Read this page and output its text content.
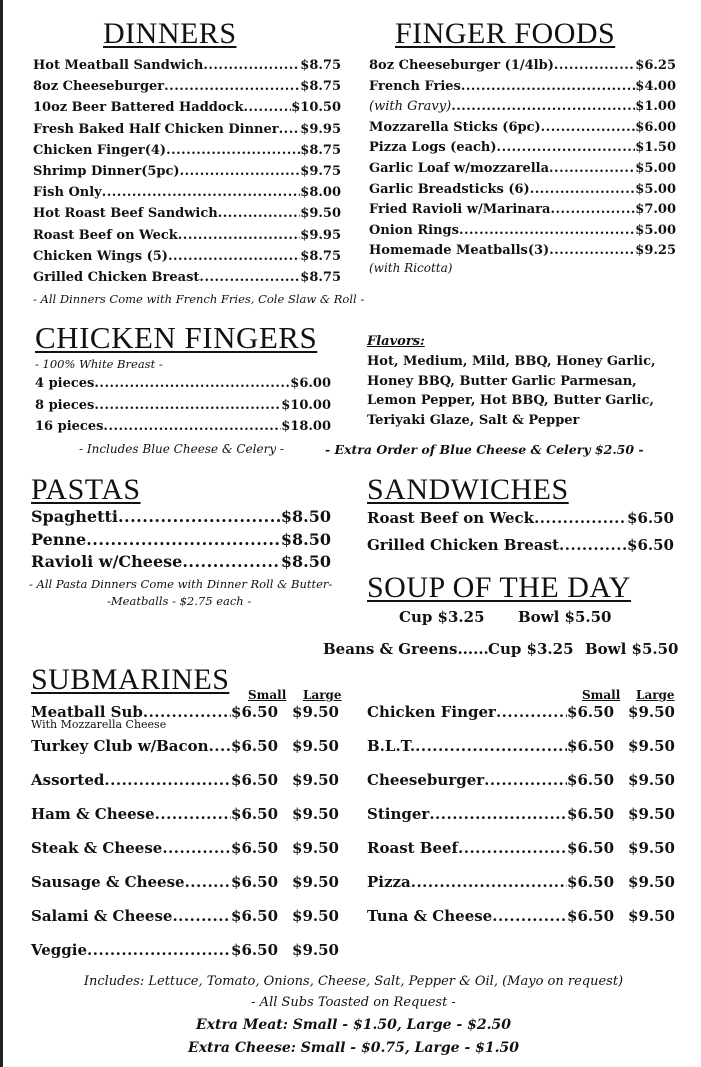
DINNERS
Hot Meatball Sandwich .....	$8.75
8oz Cheeseburger .....	$8.75
10oz Beer Battered Haddock .....	$10.50
Fresh Baked Half Chicken Dinner ..... $9.95
Chicken Finger(4) .....	$8.75
Shrimp Dinner(5pc) .....	$9.75
Fish Only .....	$8.00
Hot Roast Beef Sandwich .....	$9.50
Roast Beef on Weck .....	$9.95
Chicken Wings (5) .....	$8.75
Grilled Chicken Breast .....	$8.75
- All Dinners Come with French Fries, Cole Slaw & Roll -
FINGER FOODS
8oz Cheeseburger (1/4lb) .....	$6.25
French Fries .....	$4.00
(with Gravy) .....	$1.00
Mozzarella Sticks (6pc) .....	$6.00
Pizza Logs (each) .....	$1.50
Garlic Loaf w/mozzarella .....	$5.00
Garlic Breadsticks (6) .....	$5.00
Fried Ravioli w/Marinara .....	$7.00
Onion Rings .....	$5.00
Homemade Meatballs(3) .....	$9.25
(with Ricotta)
CHICKEN FINGERS
- 100% White Breast -
4 pieces .....	$6.00
8 pieces .....	$10.00
16 pieces .....	$18.00
- Includes Blue Cheese & Celery -
Flavors:
Hot, Medium, Mild, BBQ, Honey Garlic,
Honey BBQ, Butter Garlic Parmesan,
Lemon Pepper, Hot BBQ, Butter Garlic,
Teriyaki Glaze, Salt & Pepper
- Extra Order of Blue Cheese & Celery $2.50 -
PASTAS
Spaghetti .....	$8.50
Penne .....	$8.50
Ravioli w/Cheese .....	$8.50
- All Pasta Dinners Come with Dinner Roll & Butter-
-Meatballs - $2.75 each -
SANDWICHES
Roast Beef on Weck .....	$6.50
Grilled Chicken Breast .....	$6.50
SOUP OF THE DAY
Cup $3.25 Bowl $5.50
Beans & Greens...... Cup $3.25 Bowl $5.50
SUBMARINES Small Large	Small Large
Meatball Sub .....	$6.50 $9.50
With Mozzarella Cheese
Turkey Club w/Bacon ..... $6.50 $9.50
Assorted .....	$6.50 $9.50
Ham & Cheese .....	$6.50 $9.50
Steak & Cheese .....	$6.50 $9.50
Sausage & Cheese .....	$6.50 $9.50
Salami & Cheese .....	$6.50 $9.50
Veggie .....	$6.50 $9.50
Chicken Finger .....	$6.50 $9.50
B.L.T. .....	$6.50 $9.50
Cheeseburger .....	$6.50 $9.50
Stinger .....	$6.50 $9.50
Roast Beef .....	$6.50 $9.50
Pizza .....	$6.50 $9.50
Tuna & Cheese .....	$6.50 $9.50
Includes: Lettuce, Tomato, Onions, Cheese, Salt, Pepper & Oil, (Mayo on request)
- All Subs Toasted on Request -
Extra Meat: Small - $1.50, Large - $2.50
Extra Cheese: Small - $0.75, Large - $1.50
